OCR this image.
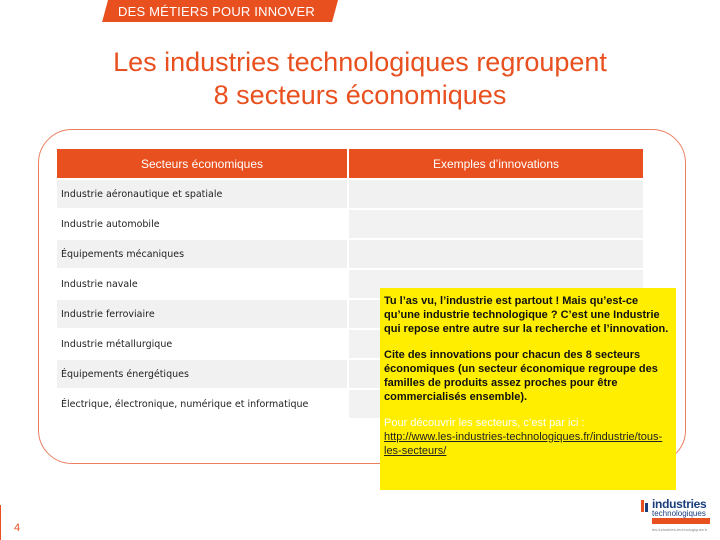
DES MÉTIERS POUR INNOVER
Les industries technologiques regroupent
8 secteurs économiques
Secteurs économiques	Exemples d’innovations
Industrie aéronautique et spatiale	
Industrie automobile	
Équipements mécaniques	
Industrie navale	
Industrie ferroviaire	
Industrie métallurgique	
Équipements énergétiques	
Électrique, électronique, numérique et informatique	

Tu l’as vu, l’industrie est partout ! Mais qu’est-ce qu’une industrie technologique ? C’est une Industrie qui repose entre autre sur la recherche et l’innovation.

Cite des innovations pour chacun des 8 secteurs économiques (un secteur économique regroupe des familles de produits assez proches pour être commercialisés ensemble).

Pour découvrir les secteurs, c’est par ici :

http://www.les-industries-technologiques.fr/industrie/tous-les-secteurs/
4
industries
technologiques
les-industries-technologiques.fr
